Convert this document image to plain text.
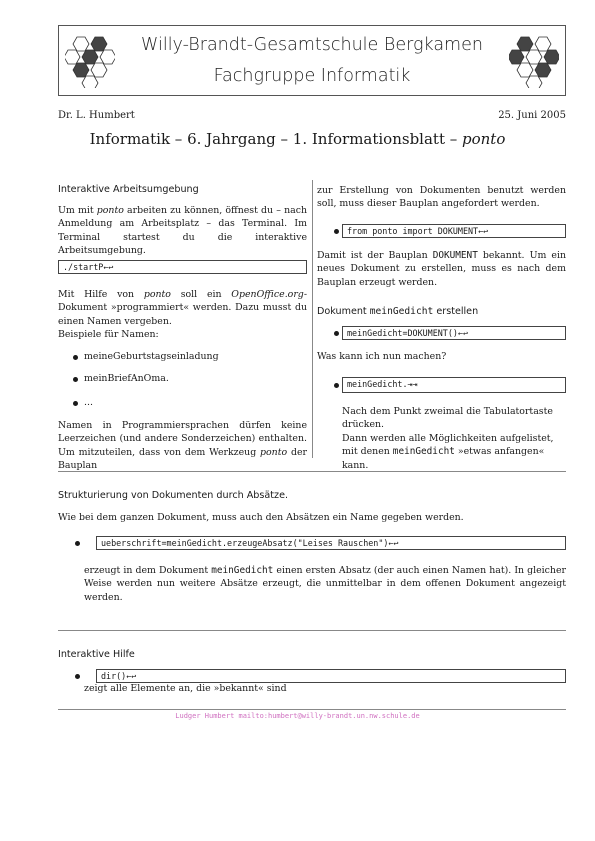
Willy-Brandt-Gesamtschule Bergkamen
Fachgruppe Informatik
Dr. L. Humbert	25. Juni 2005
Informatik – 6. Jahrgang – 1. Informationsblatt – ponto
Interaktive Arbeitsumgebung
Um mit ponto arbeiten zu können, öffnest du – nach Anmeldung am Arbeitsplatz – das Terminal. Im Terminal startest du die interaktive Arbeitsumgebung.
./startP←↩
Mit Hilfe von ponto soll ein OpenOffice.org-Dokument »programmiert« werden. Dazu musst du einen Namen vergeben.
Beispiele für Namen:
meineGeburtstagseinladung
meinBriefAnOma.
...
Namen in Programmiersprachen dürfen keine Leerzeichen (und andere Sonderzeichen) enthalten. Um mitzuteilen, dass von dem Werkzeug ponto der Bauplan
zur Erstellung von Dokumenten benutzt werden soll, muss dieser Bauplan angefordert werden.
from ponto import DOKUMENT←↩
Damit ist der Bauplan DOKUMENT bekannt. Um ein neues Dokument zu erstellen, muss es nach dem Bauplan erzeugt werden.
Dokument meinGedicht erstellen
meinGedicht=DOKUMENT()←↩
Was kann ich nun machen?
meinGedicht.⇥⇥
Nach dem Punkt zweimal die Tabulatortaste drücken.
Dann werden alle Möglichkeiten aufgelistet, mit denen meinGedicht »etwas anfangen« kann.
Strukturierung von Dokumenten durch Absätze.
Wie bei dem ganzen Dokument, muss auch den Absätzen ein Name gegeben werden.
ueberschrift=meinGedicht.erzeugeAbsatz("Leises Rauschen")←↩
erzeugt in dem Dokument meinGedicht einen ersten Absatz (der auch einen Namen hat). In gleicher Weise werden nun weitere Absätze erzeugt, die unmittelbar in dem offenen Dokument angezeigt werden.
Interaktive Hilfe
dir()←↩
zeigt alle Elemente an, die »bekannt« sind
Ludger Humbert mailto:humbert@willy-brandt.un.nw.schule.de
